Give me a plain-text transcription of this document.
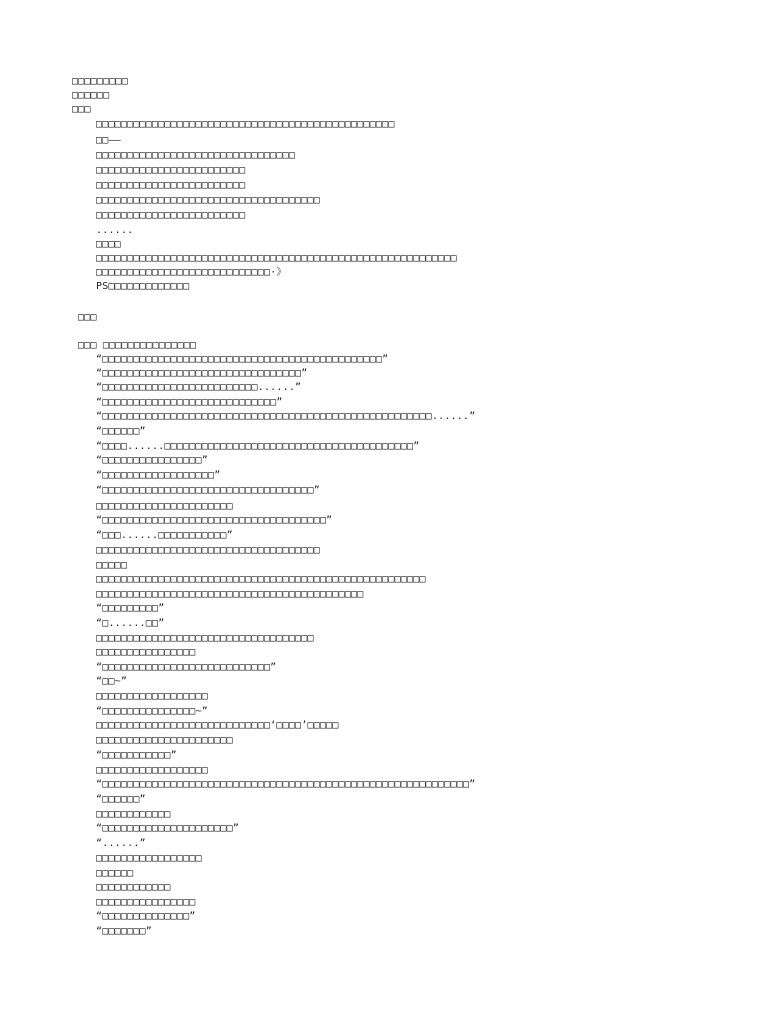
□□□□□□□□□
□□□□□□
□□□
□□□□□□□□□□□□□□□□□□□□□□□□□□□□□□□□□□□□□□□□□□□□□□□□
□□——
□□□□□□□□□□□□□□□□□□□□□□□□□□□□□□□□
□□□□□□□□□□□□□□□□□□□□□□□□
□□□□□□□□□□□□□□□□□□□□□□□□
□□□□□□□□□□□□□□□□□□□□□□□□□□□□□□□□□□□□
□□□□□□□□□□□□□□□□□□□□□□□□
......
□□□□
□□□□□□□□□□□□□□□□□□□□□□□□□□□□□□□□□□□□□□□□□□□□□□□□□□□□□□□□□□
□□□□□□□□□□□□□□□□□□□□□□□□□□□□·》
PS□□□□□□□□□□□□□
□□□
□□□ □□□□□□□□□□□□□□□
“□□□□□□□□□□□□□□□□□□□□□□□□□□□□□□□□□□□□□□□□□□□□□”
“□□□□□□□□□□□□□□□□□□□□□□□□□□□□□□□□”
“□□□□□□□□□□□□□□□□□□□□□□□□□......”
“□□□□□□□□□□□□□□□□□□□□□□□□□□□□”
“□□□□□□□□□□□□□□□□□□□□□□□□□□□□□□□□□□□□□□□□□□□□□□□□□□□□□......”
“□□□□□□”
“□□□□......□□□□□□□□□□□□□□□□□□□□□□□□□□□□□□□□□□□□□□□□”
“□□□□□□□□□□□□□□□□”
“□□□□□□□□□□□□□□□□□□”
“□□□□□□□□□□□□□□□□□□□□□□□□□□□□□□□□□□”
□□□□□□□□□□□□□□□□□□□□□□
“□□□□□□□□□□□□□□□□□□□□□□□□□□□□□□□□□□□□”
“□□□......□□□□□□□□□□□”
□□□□□□□□□□□□□□□□□□□□□□□□□□□□□□□□□□□□
□□□□□
□□□□□□□□□□□□□□□□□□□□□□□□□□□□□□□□□□□□□□□□□□□□□□□□□□□□□
□□□□□□□□□□□□□□□□□□□□□□□□□□□□□□□□□□□□□□□□□□□
“□□□□□□□□□”
“□......□□”
□□□□□□□□□□□□□□□□□□□□□□□□□□□□□□□□□□□
□□□□□□□□□□□□□□□□
“□□□□□□□□□□□□□□□□□□□□□□□□□□□”
“□□~”
□□□□□□□□□□□□□□□□□□
“□□□□□□□□□□□□□□□~”
□□□□□□□□□□□□□□□□□□□□□□□□□□□□‘□□□□’□□□□□
□□□□□□□□□□□□□□□□□□□□□□
“□□□□□□□□□□□”
□□□□□□□□□□□□□□□□□□
“□□□□□□□□□□□□□□□□□□□□□□□□□□□□□□□□□□□□□□□□□□□□□□□□□□□□□□□□□□□”
“□□□□□□”
□□□□□□□□□□□□
“□□□□□□□□□□□□□□□□□□□□□”
“......”
□□□□□□□□□□□□□□□□□
□□□□□□
□□□□□□□□□□□□
□□□□□□□□□□□□□□□□
“□□□□□□□□□□□□□□”
“□□□□□□□”
